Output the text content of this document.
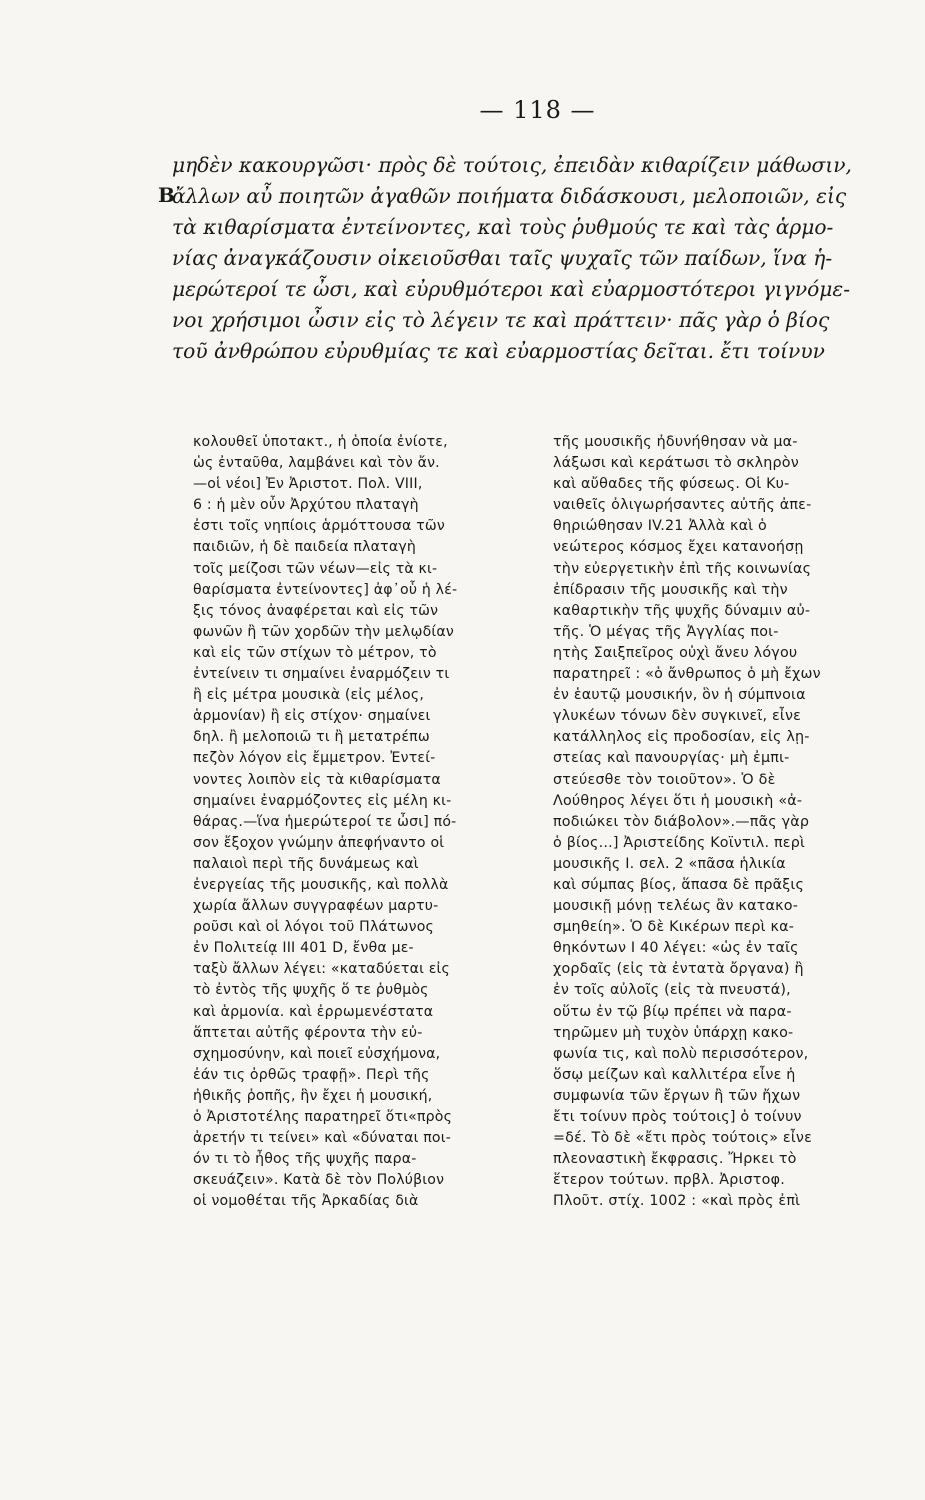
— 118 —
B

μηδὲν κακουργῶσι· πρὸς δὲ τούτοις, ἐπειδὰν κιθαρίζειν μάθωσιν,

ἄλλων αὖ ποιητῶν ἀγαθῶν ποιήματα διδάσκουσι, μελοποιῶν, εἰς

τὰ κιθαρίσματα ἐντείνοντες, καὶ τοὺς ῥυθμούς τε καὶ τὰς ἁρμο-

νίας ἀναγκάζουσιν οἰκειοῦσθαι ταῖς ψυχαῖς τῶν παίδων, ἵνα ἡ-

μερώτεροί τε ὦσι, καὶ εὐρυθμότεροι καὶ εὐαρμοστότεροι γιγνόμε-

νοι χρήσιμοι ὦσιν εἰς τὸ λέγειν τε καὶ πράττειν· πᾶς γὰρ ὁ βίος

τοῦ ἀνθρώπου εὐρυθμίας τε καὶ εὐαρμοστίας δεῖται. ἔτι τοίνυν

κολουθεῖ ὑποτακτ., ἡ ὁποία ἐνίοτε,

ὡς ἐνταῦθα, λαμβάνει καὶ τὸν ἄν.

—οἱ νέοι] Ἐν Ἀριστοτ. Πολ. VIII,

6 : ἡ μὲν οὖν Ἀρχύτου πλαταγὴ

ἐστι τοῖς νηπίοις ἁρμόττουσα τῶν

παιδιῶν, ἡ δὲ παιδεία πλαταγὴ

τοῖς μείζοσι τῶν νέων—εἰς τὰ κι-

θαρίσματα ἐντείνοντες] ἀφ᾽οὗ ἡ λέ-

ξις τόνος ἀναφέρεται καὶ εἰς τῶν

φωνῶν ἢ τῶν χορδῶν τὴν μελῳδίαν

καὶ εἰς τῶν στίχων τὸ μέτρον, τὸ

ἐντείνειν τι σημαίνει ἐναρμόζειν τι

ἢ εἰς μέτρα μουσικὰ (εἰς μέλος,

ἁρμονίαν) ἢ εἰς στίχον· σημαίνει

δηλ. ἢ μελοποιῶ τι ἢ μετατρέπω

πεζὸν λόγον εἰς ἔμμετρον. Ἐντεί-

νοντες λοιπὸν εἰς τὰ κιθαρίσματα

σημαίνει ἐναρμόζοντες εἰς μέλη κι-

θάρας.—ἵνα ἡμερώτεροί τε ὦσι] πό-

σον ἔξοχον γνώμην ἀπεφήναντο οἱ

παλαιοὶ περὶ τῆς δυνάμεως καὶ

ἐνεργείας τῆς μουσικῆς, καὶ πολλὰ

χωρία ἄλλων συγγραφέων μαρτυ-

ροῦσι καὶ οἱ λόγοι τοῦ Πλάτωνος

ἐν Πολιτείᾳ III 401 D, ἔνθα με-

ταξὺ ἄλλων λέγει: «καταδύεται εἰς

τὸ ἐντὸς τῆς ψυχῆς ὅ τε ῥυθμὸς

καὶ ἁρμονία. καὶ ἐρρωμενέστατα

ἅπτεται αὐτῆς φέροντα τὴν εὐ-

σχημοσύνην, καὶ ποιεῖ εὐσχήμονα,

ἐάν τις ὀρθῶς τραφῇ». Περὶ τῆς

ἠθικῆς ῥοπῆς, ἣν ἔχει ἡ μουσική,

ὁ Ἀριστοτέλης παρατηρεῖ ὅτι«πρὸς

ἀρετήν τι τείνει» καὶ «δύναται ποι-

όν τι τὸ ἦθος τῆς ψυχῆς παρα-

σκευάζειν». Κατὰ δὲ τὸν Πολύβιον

οἱ νομοθέται τῆς Ἀρκαδίας διὰ

τῆς μουσικῆς ἠδυνήθησαν νὰ μα-

λάξωσι καὶ κεράτωσι τὸ σκληρὸν

καὶ αὔθαδες τῆς φύσεως. Οἱ Κυ-

ναιθεῖς ὀλιγωρήσαντες αὐτῆς ἀπε-

θηριώθησαν IV.21 Ἀλλὰ καὶ ὁ

νεώτερος κόσμος ἔχει κατανοήσῃ

τὴν εὐεργετικὴν ἐπὶ τῆς κοινωνίας

ἐπίδρασιν τῆς μουσικῆς καὶ τὴν

καθαρτικὴν τῆς ψυχῆς δύναμιν αὐ-

τῆς. Ὁ μέγας τῆς Ἀγγλίας ποι-

ητὴς Σαιξπεῖρος οὐχὶ ἄνευ λόγου

παρατηρεῖ : «ὁ ἄνθρωπος ὁ μὴ ἔχων

ἐν ἑαυτῷ μουσικήν, ὃν ἡ σύμπνοια

γλυκέων τόνων δὲν συγκινεῖ, εἶνε

κατάλληλος εἰς προδοσίαν, εἰς λῃ-

στείας καὶ πανουργίας· μὴ ἐμπι-

στεύεσθε τὸν τοιοῦτον». Ὁ δὲ

Λούθηρος λέγει ὅτι ἡ μουσικὴ «ἀ-

ποδιώκει τὸν διάβολον».—πᾶς γὰρ

ὁ βίος...] Ἀριστείδης Κοϊντιλ. περὶ

μουσικῆς I. σελ. 2 «πᾶσα ἡλικία

καὶ σύμπας βίος, ἅπασα δὲ πρᾶξις

μουσικῇ μόνῃ τελέως ἂν κατακο-

σμηθείη». Ὁ δὲ Κικέρων περὶ κα-

θηκόντων I 40 λέγει: «ὡς ἐν ταῖς

χορδαῖς (εἰς τὰ ἐντατὰ ὄργανα) ἢ

ἐν τοῖς αὐλοῖς (εἰς τὰ πνευστά),

οὕτω ἐν τῷ βίῳ πρέπει νὰ παρα-

τηρῶμεν μὴ τυχὸν ὑπάρχῃ κακο-

φωνία τις, καὶ πολὺ περισσότερον,

ὅσῳ μείζων καὶ καλλιτέρα εἶνε ἡ

συμφωνία τῶν ἔργων ἢ τῶν ἤχων

ἔτι τοίνυν πρὸς τούτοις] ὁ τοίνυν

=δέ. Τὸ δὲ «ἔτι πρὸς τούτοις» εἶνε

πλεοναστικὴ ἔκφρασις. Ἤρκει τὸ

ἕτερον τούτων. πρβλ. Ἀριστοφ.

Πλοῦτ. στίχ. 1002 : «καὶ πρὸς ἐπὶ
